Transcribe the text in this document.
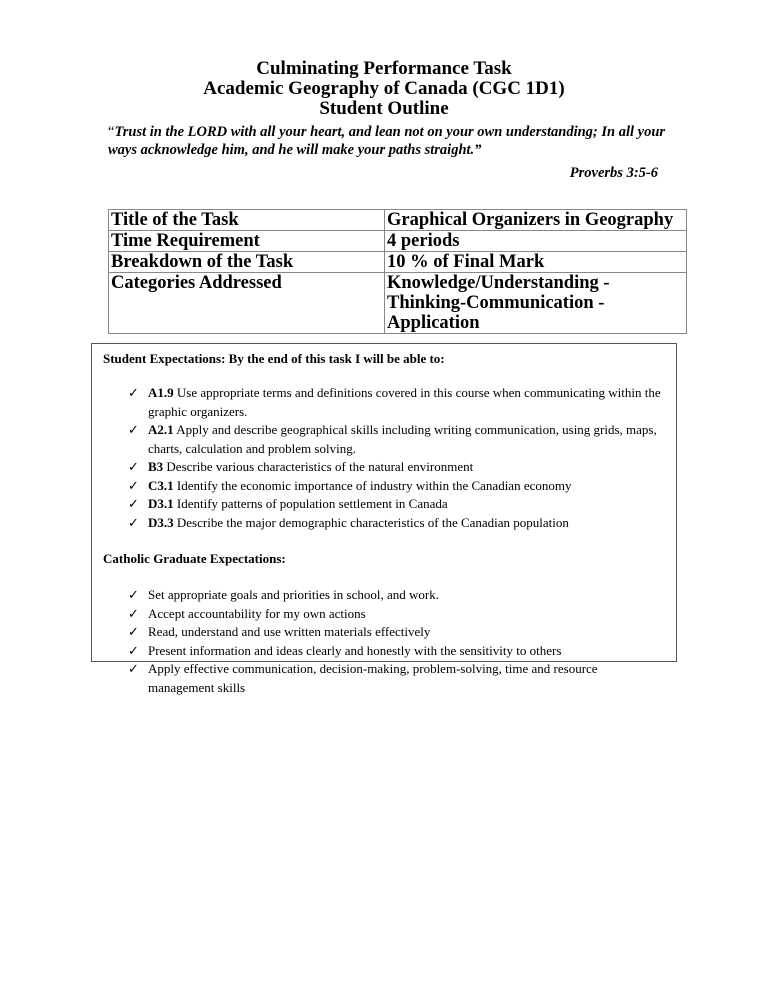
Culminating Performance Task
Academic Geography of Canada (CGC 1D1)
Student Outline
“Trust in the LORD with all your heart, and lean not on your own understanding; In all your ways acknowledge him, and he will make your paths straight.”
Proverbs 3:5-6
Title of the Task	Graphical Organizers in Geography
Time Requirement	4 periods
Breakdown of the Task	10 % of Final Mark
Categories Addressed	Knowledge/Understanding -Thinking-Communication - Application
Student Expectations: By the end of this task I will be able to:
✓ A1.9 Use appropriate terms and definitions covered in this course when communicating within the graphic organizers.
✓ A2.1 Apply and describe geographical skills including writing communication, using grids, maps, charts, calculation and problem solving.
✓ B3 Describe various characteristics of the natural environment
✓ C3.1 Identify the economic importance of industry within the Canadian economy
✓ D3.1 Identify patterns of population settlement in Canada
✓ D3.3 Describe the major demographic characteristics of the Canadian population
Catholic Graduate Expectations:
✓ Set appropriate goals and priorities in school, and work.
✓ Accept accountability for my own actions
✓ Read, understand and use written materials effectively
✓ Present information and ideas clearly and honestly with the sensitivity to others
✓ Apply effective communication, decision-making, problem-solving, time and resource management skills
